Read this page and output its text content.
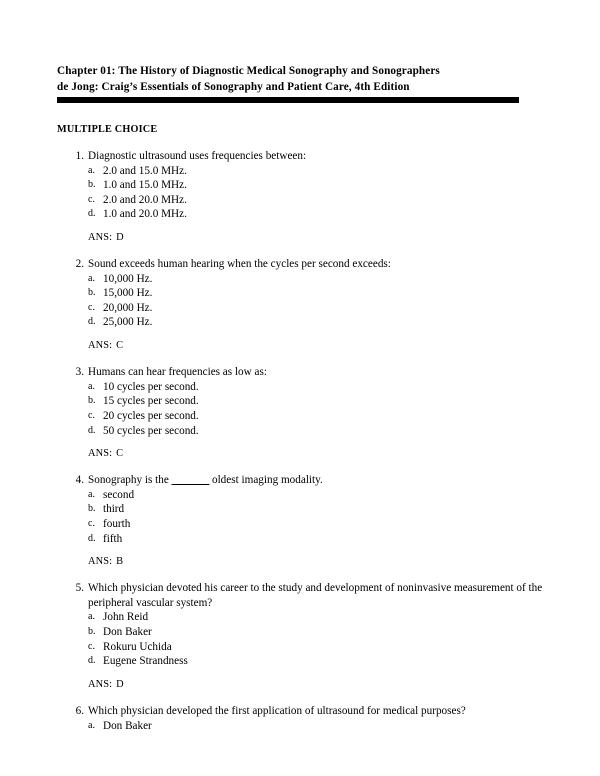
Chapter 01: The History of Diagnostic Medical Sonography and Sonographers
de Jong: Craig’s Essentials of Sonography and Patient Care, 4th Edition
MULTIPLE CHOICE
1. Diagnostic ultrasound uses frequencies between:
a. 2.0 and 15.0 MHz.
b. 1.0 and 15.0 MHz.
c. 2.0 and 20.0 MHz.
d. 1.0 and 20.0 MHz.
ANS: D
2. Sound exceeds human hearing when the cycles per second exceeds:
a. 10,000 Hz.
b. 15,000 Hz.
c. 20,000 Hz.
d. 25,000 Hz.
ANS: C
3. Humans can hear frequencies as low as:
a. 10 cycles per second.
b. 15 cycles per second.
c. 20 cycles per second.
d. 50 cycles per second.
ANS: C
4. Sonography is the _______ oldest imaging modality.
a. second
b. third
c. fourth
d. fifth
ANS: B
5. Which physician devoted his career to the study and development of noninvasive measurement of the peripheral vascular system?
a. John Reid
b. Don Baker
c. Rokuru Uchida
d. Eugene Strandness
ANS: D
6. Which physician developed the first application of ultrasound for medical purposes?
a. Don Baker
